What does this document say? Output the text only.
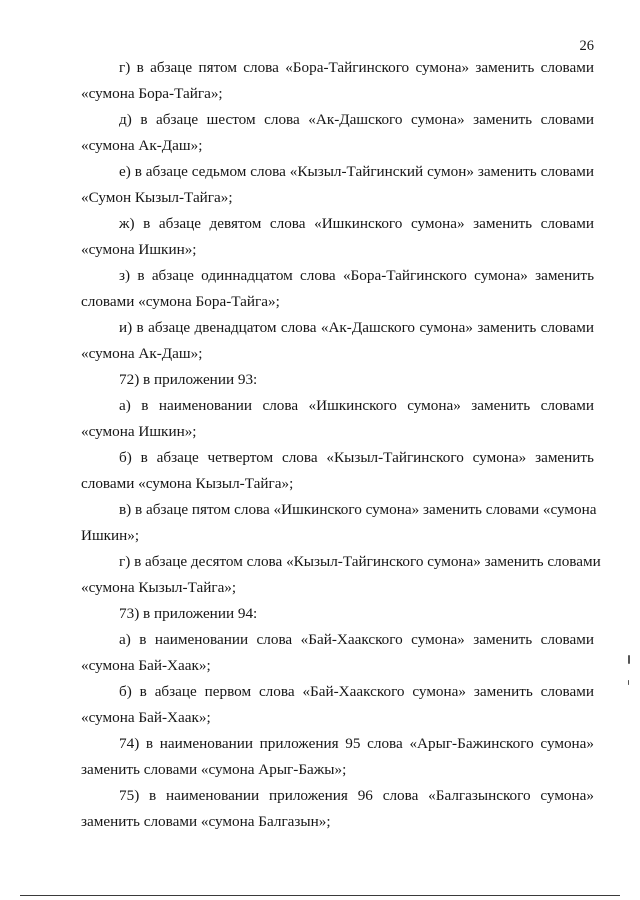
26
г) в абзаце пятом слова «Бора-Тайгинского сумона» заменить словами
«сумона Бора-Тайга»;
д) в абзаце шестом слова «Ак-Дашского сумона» заменить словами
«сумона Ак-Даш»;
е) в абзаце седьмом слова «Кызыл-Тайгинский сумон» заменить словами
«Сумон Кызыл-Тайга»;
ж) в абзаце девятом слова «Ишкинского сумона» заменить словами
«сумона Ишкин»;
з) в абзаце одиннадцатом слова «Бора-Тайгинского сумона» заменить
словами «сумона Бора-Тайга»;
и) в абзаце двенадцатом слова «Ак-Дашского сумона» заменить словами
«сумона Ак-Даш»;
72) в приложении 93:
а) в наименовании слова «Ишкинского сумона» заменить словами
«сумона Ишкин»;
б) в абзаце четвертом слова «Кызыл-Тайгинского сумона» заменить
словами «сумона Кызыл-Тайга»;
в) в абзаце пятом слова «Ишкинского сумона» заменить словами «сумона
Ишкин»;
г) в абзаце десятом слова «Кызыл-Тайгинского сумона» заменить словами
«сумона Кызыл-Тайга»;
73) в приложении 94:
а) в наименовании слова «Бай-Хаакского сумона» заменить словами
«сумона Бай-Хаак»;
б) в абзаце первом слова «Бай-Хаакского сумона» заменить словами
«сумона Бай-Хаак»;
74) в наименовании приложения 95 слова «Арыг-Бажинского сумона»
заменить словами «сумона Арыг-Бажы»;
75) в наименовании приложения 96 слова «Балгазынского сумона»
заменить словами «сумона Балгазын»;
